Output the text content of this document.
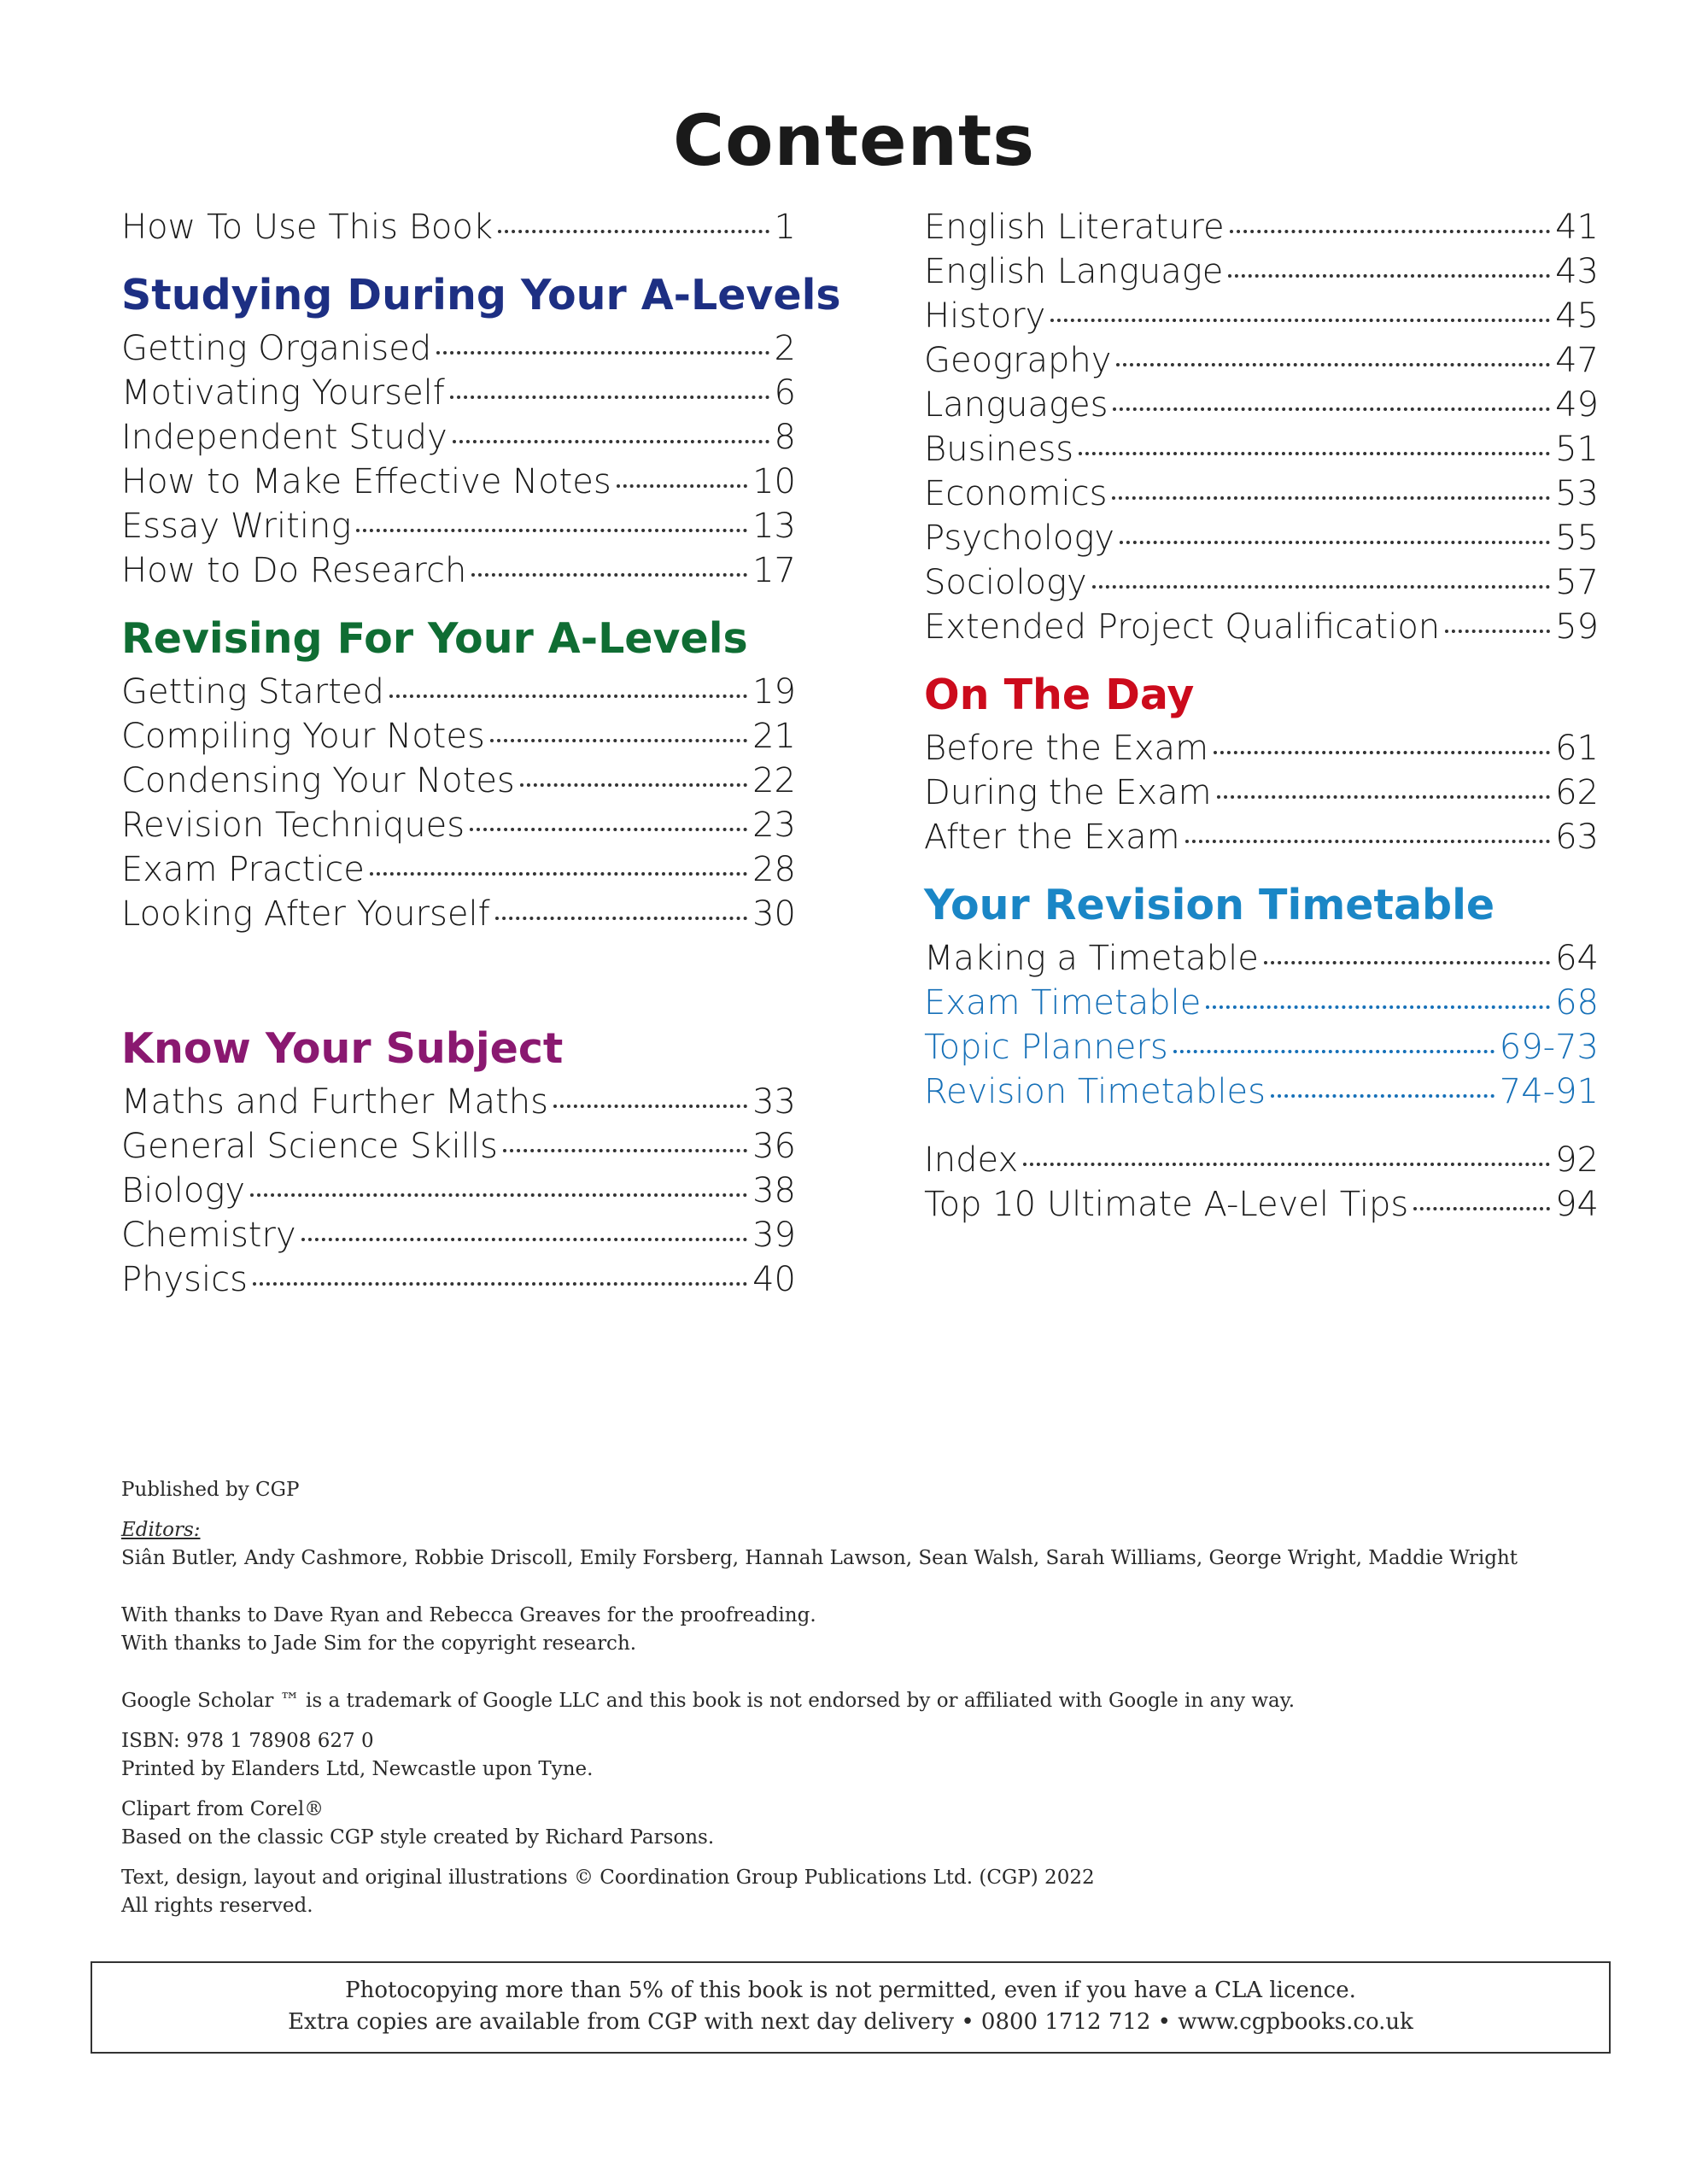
Contents
How To Use This Book	1
Studying During Your A-Levels
Getting Organised	2
Motivating Yourself	6
Independent Study	8
How to Make Effective Notes	10
Essay Writing	13
How to Do Research	17
Revising For Your A-Levels
Getting Started	19
Compiling Your Notes	21
Condensing Your Notes	22
Revision Techniques	23
Exam Practice	28
Looking After Yourself	30
Know Your Subject
Maths and Further Maths	33
General Science Skills	36
Biology	38
Chemistry	39
Physics	40
English Literature	41
English Language	43
History	45
Geography	47
Languages	49
Business	51
Economics	53
Psychology	55
Sociology	57
Extended Project Qualification	59
On The Day
Before the Exam	61
During the Exam	62
After the Exam	63
Your Revision Timetable
Making a Timetable	64
Exam Timetable	68
Topic Planners	69-73
Revision Timetables	74-91
Index	92
Top 10 Ultimate A-Level Tips	94

Published by CGP

Editors:

Siân Butler, Andy Cashmore, Robbie Driscoll, Emily Forsberg, Hannah Lawson, Sean Walsh, Sarah Williams, George Wright, Maddie Wright

With thanks to Dave Ryan and Rebecca Greaves for the proofreading.

With thanks to Jade Sim for the copyright research.

Google Scholar ™ is a trademark of Google LLC and this book is not endorsed by or affiliated with Google in any way.

ISBN: 978 1 78908 627 0

Printed by Elanders Ltd, Newcastle upon Tyne.

Clipart from Corel®

Based on the classic CGP style created by Richard Parsons.

Text, design, layout and original illustrations © Coordination Group Publications Ltd. (CGP) 2022

All rights reserved.

Photocopying more than 5% of this book is not permitted, even if you have a CLA licence.

Extra copies are available from CGP with next day delivery • 0800 1712 712 • www.cgpbooks.co.uk
